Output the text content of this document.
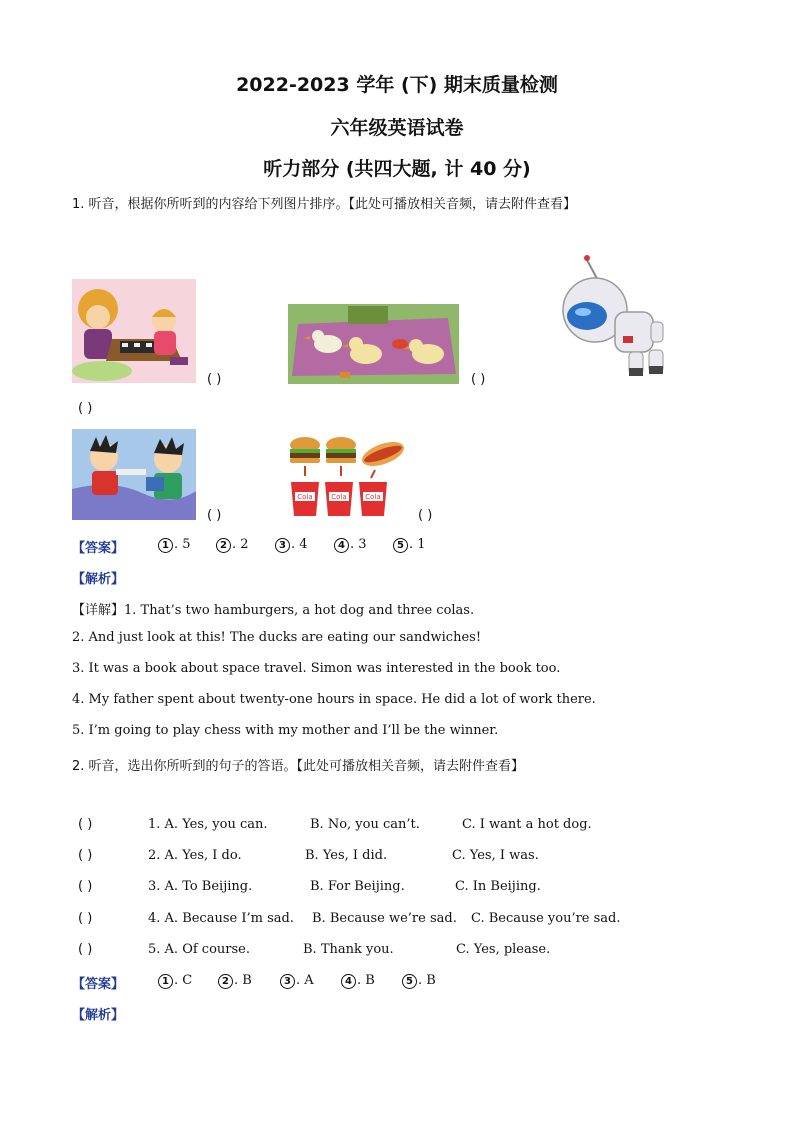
2022-2023 学年 (下) 期末质量检测
六年级英语试卷
听力部分 (共四大题, 计 40 分)
1. 听音，根据你所听到的内容给下列图片排序。【此处可播放相关音频，请去附件查看】
( )	( )
( )
( )
Cola	Cola	Cola
( )
【答案】	1 . 5	2 . 2	3 . 4	4 . 3	5 . 1
【解析】
【详解】1. That’s two hamburgers, a hot dog and three colas.
2. And just look at this! The ducks are eating our sandwiches!
3. It was a book about space travel. Simon was interested in the book too.
4. My father spent about twenty-one hours in space. He did a lot of work there.
5. I’m going to play chess with my mother and I’ll be the winner.
2. 听音，选出你所听到的句子的答语。【此处可播放相关音频，请去附件查看】
( )	1. A. Yes, you can.	B. No, you can’t.	C. I want a hot dog.
( )	2. A. Yes, I do.	B. Yes, I did.	C. Yes, I was.
( )	3. A. To Beijing.	B. For Beijing.	C. In Beijing.
( )	4. A. Because I’m sad. B. Because we’re sad. C. Because you’re sad.
( )	5. A. Of course.	B. Thank you.	C. Yes, please.
【答案】	1 . C	2 . B	3 . A	4 . B	5 . B
【解析】
